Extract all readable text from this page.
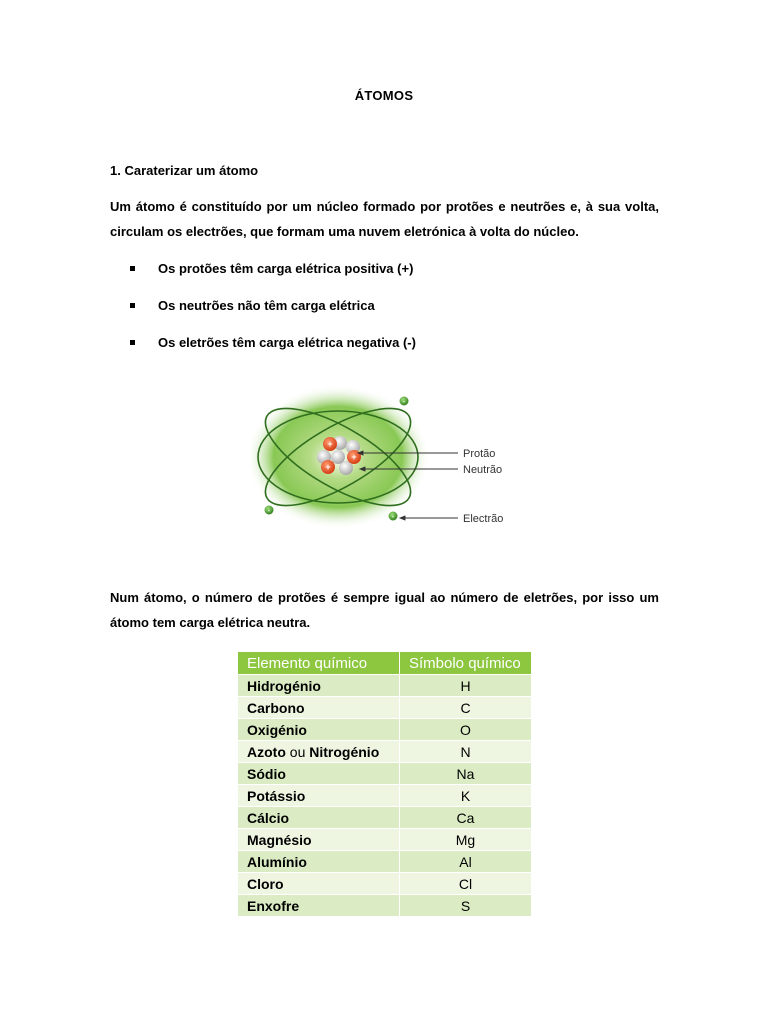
ÁTOMOS
1. Caraterizar um átomo
Um átomo é constituído por um núcleo formado por protões e neutrões e, à sua volta,
circulam os electrões, que formam uma nuvem eletrónica à volta do núcleo.
Os protões têm carga elétrica positiva (+)
Os neutrões não têm carga elétrica
Os eletrões têm carga elétrica negativa (-)
-
-
-
+
+
+
Protão
Neutrão
Electrão
Num átomo, o número de protões é sempre igual ao número de eletrões, por isso um átomo tem carga elétrica neutra.
Elemento químico	Símbolo químico
Hidrogénio	H
Carbono	C
Oxigénio	O
Azoto ou Nitrogénio	N
Sódio	Na
Potássio	K
Cálcio	Ca
Magnésio	Mg
Alumínio	Al
Cloro	Cl
Enxofre	S
